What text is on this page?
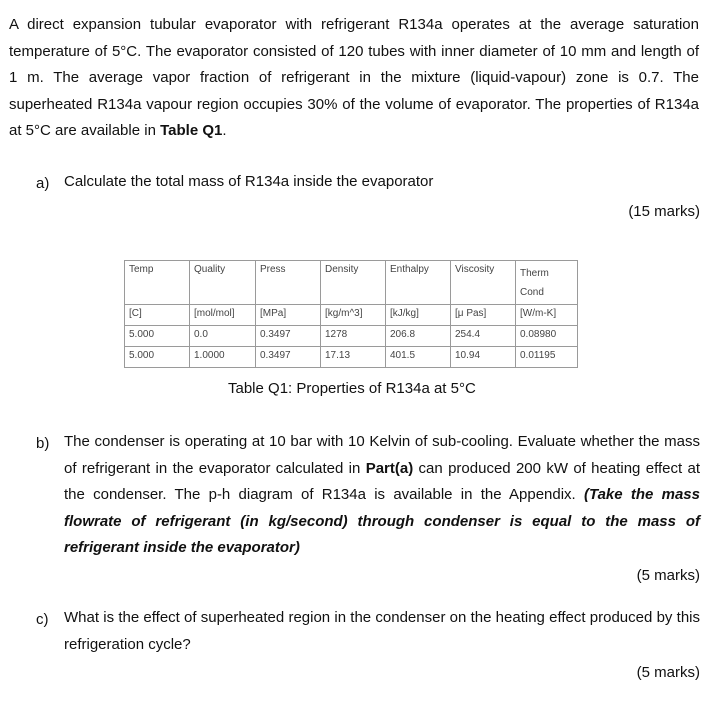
A direct expansion tubular evaporator with refrigerant R134a operates at the average saturation temperature of 5°C. The evaporator consisted of 120 tubes with inner diameter of 10 mm and length of 1 m. The average vapor fraction of refrigerant in the mixture (liquid-vapour) zone is 0.7. The superheated R134a vapour region occupies 30% of the volume of evaporator. The properties of R134a at 5°C are available in Table Q1.
a) Calculate the total mass of R134a inside the evaporator
(15 marks)
Temp	Quality	Press	Density	Enthalpy	Viscosity	Therm
Cond
[C]	[mol/mol]	[MPa]	[kg/m^3]	[kJ/kg]	[μ Pas]	[W/m-K]
5.000	0.0	0.3497	1278	206.8	254.4	0.08980
5.000	1.0000	0.3497	17.13	401.5	10.94	0.01195
Table Q1: Properties of R134a at 5°C
b) The condenser is operating at 10 bar with 10 Kelvin of sub-cooling. Evaluate whether the mass of refrigerant in the evaporator calculated in Part(a) can produced 200 kW of heating effect at the condenser. The p-h diagram of R134a is available in the Appendix. (Take the mass flowrate of refrigerant (in kg/second) through condenser is equal to the mass of refrigerant inside the evaporator)
(5 marks)
c) What is the effect of superheated region in the condenser on the heating effect produced by this refrigeration cycle?
(5 marks)
